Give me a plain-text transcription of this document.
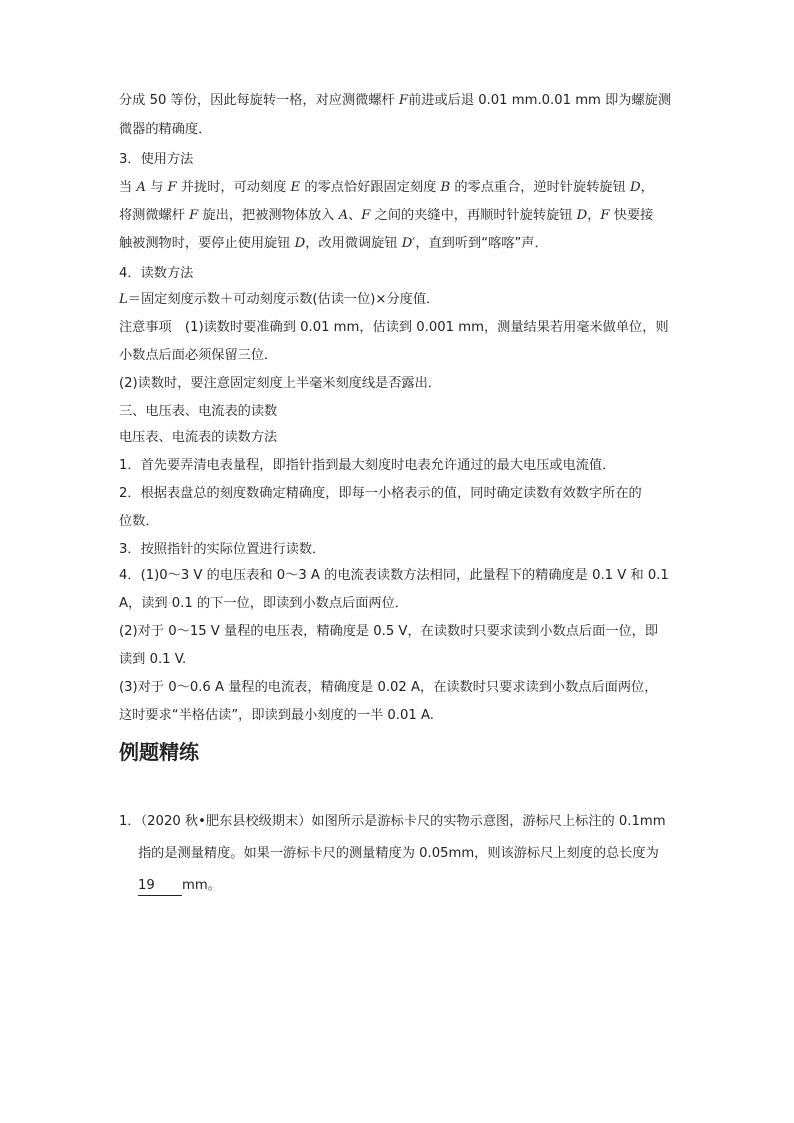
分成 50 等份，因此每旋转一格，对应测微螺杆 F前进或后退 0.01 mm.0.01 mm 即为螺旋测
微器的精确度．
3．使用方法
当 A 与 F 并拢时，可动刻度 E 的零点恰好跟固定刻度 B 的零点重合，逆时针旋转旋钮 D，
将测微螺杆 F 旋出，把被测物体放入 A、F 之间的夹缝中，再顺时针旋转旋钮 D，F 快要接
触被测物时，要停止使用旋钮 D，改用微调旋钮 D′，直到听到“喀喀”声．
4．读数方法
L＝固定刻度示数＋可动刻度示数(估读一位)×分度值．
注意事项　(1)读数时要准确到 0.01 mm，估读到 0.001 mm，测量结果若用毫米做单位，则
小数点后面必须保留三位．
(2)读数时，要注意固定刻度上半毫米刻度线是否露出．
三、电压表、电流表的读数
电压表、电流表的读数方法
1．首先要弄清电表量程，即指针指到最大刻度时电表允许通过的最大电压或电流值．
2．根据表盘总的刻度数确定精确度，即每一小格表示的值，同时确定读数有效数字所在的
位数．
3．按照指针的实际位置进行读数．
4．(1)0～3 V 的电压表和 0～3 A 的电流表读数方法相同，此量程下的精确度是 0.1 V 和 0.1
A，读到 0.1 的下一位，即读到小数点后面两位．
(2)对于 0～15 V 量程的电压表，精确度是 0.5 V，在读数时只要求读到小数点后面一位，即
读到 0.1 V.
(3)对于 0～0.6 A 量程的电流表，精确度是 0.02 A，在读数时只要求读到小数点后面两位，
这时要求“半格估读”，即读到最小刻度的一半 0.01 A.
例题精练
1．（2020 秋•肥东县校级期末）如图所示是游标卡尺的实物示意图，游标尺上标注的 0.1mm
指的是测量精度。如果一游标卡尺的测量精度为 0.05mm，则该游标尺上刻度的总长度为
19 mm。
